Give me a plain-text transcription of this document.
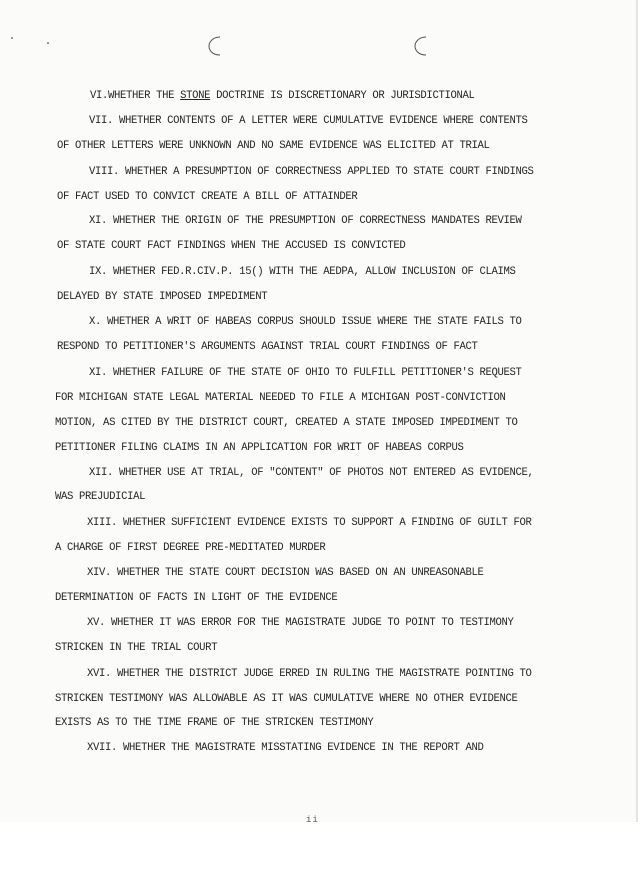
VI.WHETHER THE STONE DOCTRINE IS DISCRETIONARY OR JURISDICTIONAL

VII. WHETHER CONTENTS OF A LETTER WERE CUMULATIVE EVIDENCE WHERE CONTENTS

OF OTHER LETTERS WERE UNKNOWN AND NO SAME EVIDENCE WAS ELICITED AT TRIAL

VIII. WHETHER A PRESUMPTION OF CORRECTNESS APPLIED TO STATE COURT FINDINGS

OF FACT USED TO CONVICT CREATE A BILL OF ATTAINDER

XI. WHETHER THE ORIGIN OF THE PRESUMPTION OF CORRECTNESS MANDATES REVIEW

OF STATE COURT FACT FINDINGS WHEN THE ACCUSED IS CONVICTED

IX. WHETHER FED.R.CIV.P. 15() WITH THE AEDPA, ALLOW INCLUSION OF CLAIMS

DELAYED BY STATE IMPOSED IMPEDIMENT

X. WHETHER A WRIT OF HABEAS CORPUS SHOULD ISSUE WHERE THE STATE FAILS TO

RESPOND TO PETITIONER'S ARGUMENTS AGAINST TRIAL COURT FINDINGS OF FACT

XI. WHETHER FAILURE OF THE STATE OF OHIO TO FULFILL PETITIONER'S REQUEST

FOR MICHIGAN STATE LEGAL MATERIAL NEEDED TO FILE A MICHIGAN POST-CONVICTION

MOTION, AS CITED BY THE DISTRICT COURT, CREATED A STATE IMPOSED IMPEDIMENT TO

PETITIONER FILING CLAIMS IN AN APPLICATION FOR WRIT OF HABEAS CORPUS

XII. WHETHER USE AT TRIAL, OF "CONTENT" OF PHOTOS NOT ENTERED AS EVIDENCE,

WAS PREJUDICIAL

XIII. WHETHER SUFFICIENT EVIDENCE EXISTS TO SUPPORT A FINDING OF GUILT FOR

A CHARGE OF FIRST DEGREE PRE-MEDITATED MURDER

XIV. WHETHER THE STATE COURT DECISION WAS BASED ON AN UNREASONABLE

DETERMINATION OF FACTS IN LIGHT OF THE EVIDENCE

XV. WHETHER IT WAS ERROR FOR THE MAGISTRATE JUDGE TO POINT TO TESTIMONY

STRICKEN IN THE TRIAL COURT

XVI. WHETHER THE DISTRICT JUDGE ERRED IN RULING THE MAGISTRATE POINTING TO

STRICKEN TESTIMONY WAS ALLOWABLE AS IT WAS CUMULATIVE WHERE NO OTHER EVIDENCE

EXISTS AS TO THE TIME FRAME OF THE STRICKEN TESTIMONY

XVII. WHETHER THE MAGISTRATE MISSTATING EVIDENCE IN THE REPORT AND

ii
